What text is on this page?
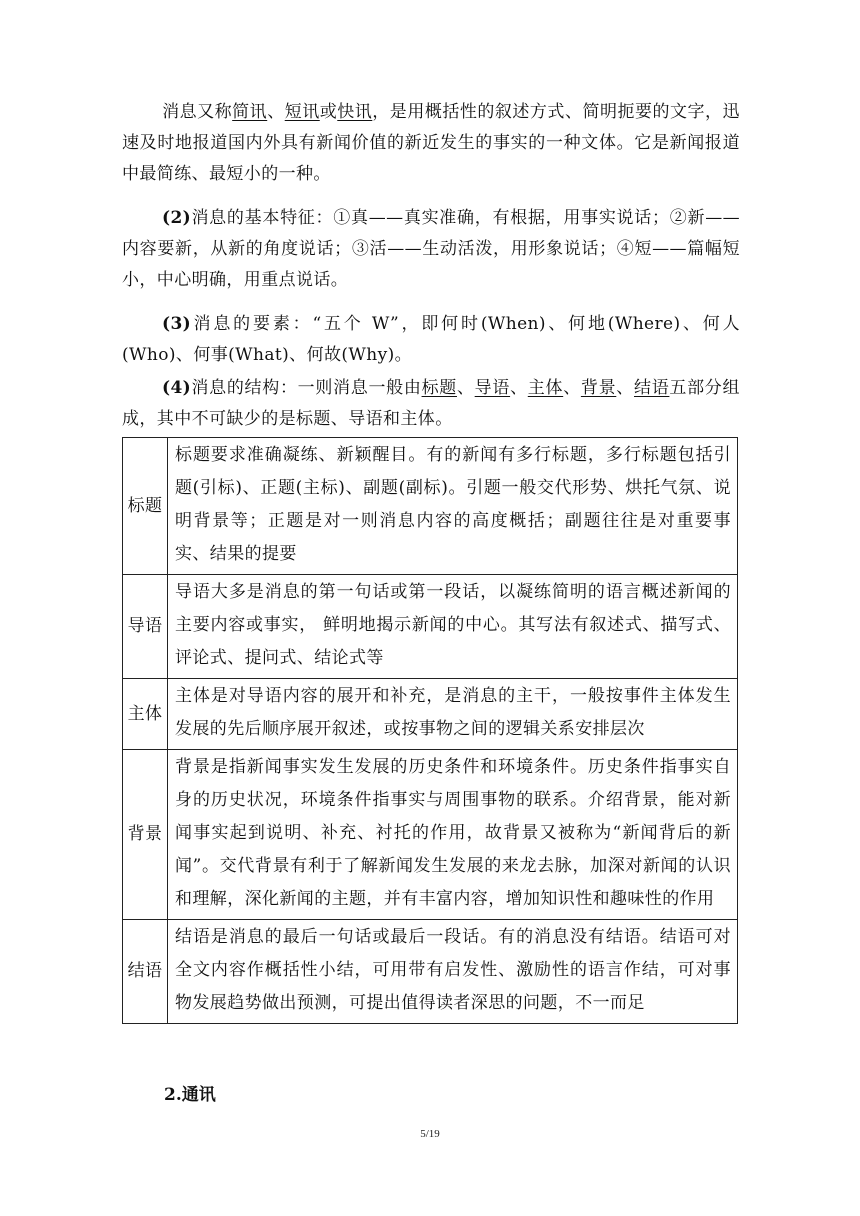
消息又称简讯、短讯或快讯，是用概括性的叙述方式、简明扼要的文字，迅速及时地报道国内外具有新闻价值的新近发生的事实的一种文体。它是新闻报道中最简练、最短小的一种。

(2)消息的基本特征：①真——真实准确，有根据，用事实说话；②新——内容要新，从新的角度说话；③活——生动活泼，用形象说话；④短——篇幅短小，中心明确，用重点说话。

(3)消息的要素：“五个 W”，即何时(When)、何地(Where)、何人(Who)、何事(What)、何故(Why)。

(4)消息的结构：一则消息一般由标题、导语、主体、背景、结语五部分组成，其中不可缺少的是标题、导语和主体。

标题	标题要求准确凝练、新颖醒目。有的新闻有多行标题，多行标题包括引题(引标)、正题(主标)、副题(副标)。引题一般交代形势、烘托气氛、说明背景等；正题是对一则消息内容的高度概括；副题往往是对重要事实、结果的提要
导语	导语大多是消息的第一句话或第一段话，以凝练简明的语言概述新闻的主要内容或事实， 鲜明地揭示新闻的中心。其写法有叙述式、描写式、评论式、提问式、结论式等
主体	主体是对导语内容的展开和补充，是消息的主干，一般按事件主体发生发展的先后顺序展开叙述，或按事物之间的逻辑关系安排层次
背景	背景是指新闻事实发生发展的历史条件和环境条件。历史条件指事实自身的历史状况，环境条件指事实与周围事物的联系。介绍背景，能对新闻事实起到说明、补充、衬托的作用，故背景又被称为“新闻背后的新闻”。交代背景有利于了解新闻发生发展的来龙去脉，加深对新闻的认识和理解，深化新闻的主题，并有丰富内容，增加知识性和趣味性的作用
结语	结语是消息的最后一句话或最后一段话。有的消息没有结语。结语可对全文内容作概括性小结，可用带有启发性、激励性的语言作结，可对事物发展趋势做出预测，可提出值得读者深思的问题，不一而足

2.通讯

5/19
